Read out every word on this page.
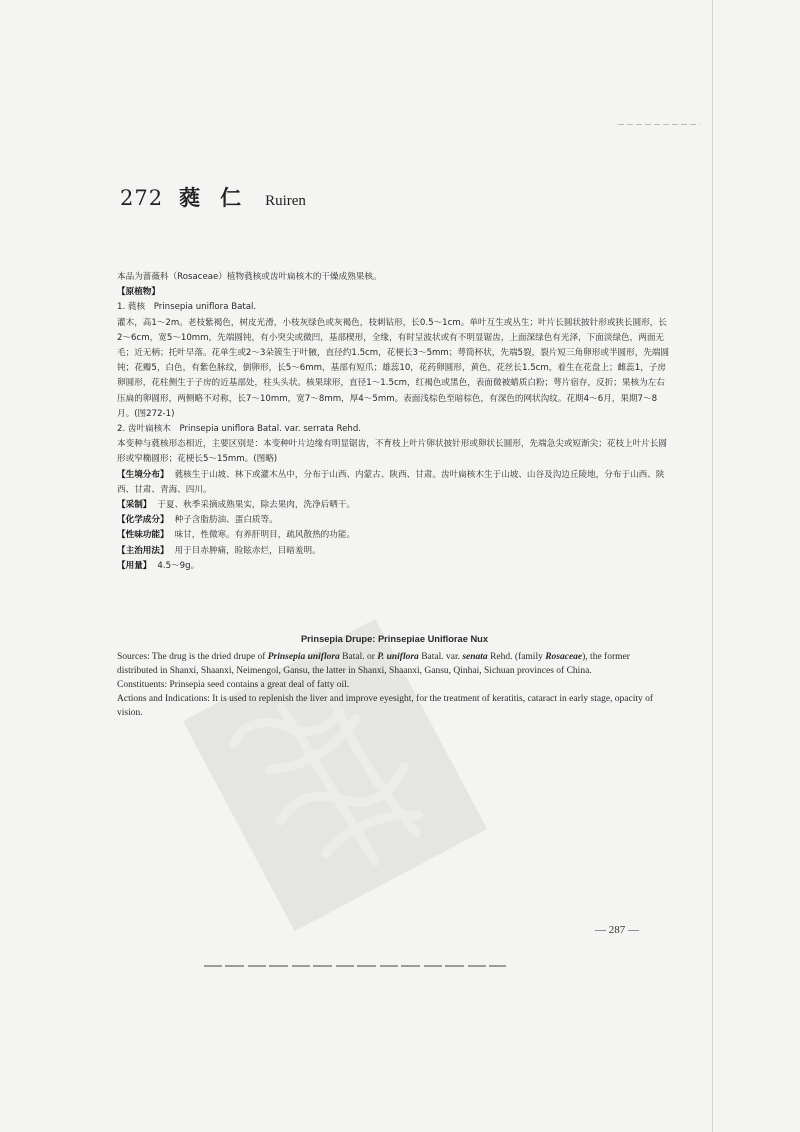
272 蕤仁 Ruiren

本品为蔷薇科（Rosaceae）植物蕤核或齿叶扁核木的干燥成熟果核。

【原植物】

1. 蕤核　Prinsepia uniflora Batal.

灌木，高1～2m。老枝紫褐色，树皮光滑，小枝灰绿色或灰褐色，枝刺钻形，长0.5～1cm。单叶互生或丛生；叶片长圆状披针形或狭长圆形，长2～6cm，宽5～10mm，先端圆钝，有小突尖或微凹，基部楔形，全缘，有时呈波状或有不明显锯齿，上面深绿色有光泽，下面淡绿色，两面无毛；近无柄；托叶早落。花单生或2～3朵簇生于叶腋，直径约1.5cm，花梗长3～5mm；萼筒杯状，先端5裂，裂片短三角卵形或半圆形，先端圆钝；花瓣5，白色，有紫色脉纹，倒卵形，长5～6mm，基部有短爪；雄蕊10，花药卵圆形，黄色，花丝长1.5cm，着生在花盘上；雌蕊1，子房卵圆形，花柱侧生于子房的近基部处，柱头头状。核果球形，直径1～1.5cm，红褐色或黑色，表面微被蜡质白粉；萼片宿存，反折；果核为左右压扁的卵圆形，两侧略不对称，长7～10mm，宽7～8mm，厚4～5mm。表面浅棕色至暗棕色，有深色的网状沟纹。花期4～6月，果期7～8月。(图272-1)

2. 齿叶扁核木　Prinsepia uniflora Batal. var. serrata Rehd.

本变种与蕤核形态相近，主要区别是：本变种叶片边缘有明显锯齿，不育枝上叶片卵状披针形或卵状长圆形，先端急尖或短渐尖；花枝上叶片长圆形或窄椭圆形；花梗长5～15mm。(图略)

【生境分布】 蕤核生于山坡、林下或灌木丛中，分布于山西、内蒙古、陕西、甘肃。齿叶扁核木生于山坡、山谷及沟边丘陵地，分布于山西、陕西、甘肃、青海、四川。

【采制】 于夏、秋季采摘成熟果实，除去果肉，洗净后晒干。

【化学成分】 种子含脂肪油、蛋白质等。

【性味功能】 味甘，性微寒。有养肝明目，疏风散热的功能。

【主治用法】 用于目赤肿痛，睑眩赤烂，目暗羞明。

【用量】 4.5～9g。

Prinsepia Drupe: Prinsepiae Uniflorae Nux

Sources: The drug is the dried drupe of Prinsepia uniflora Batal. or P. uniflora Batal. var. senata Rehd. (family Rosaceae), the former distributed in Shanxi, Shaanxi, Neimengol, Gansu, the latter in Shanxi, Shaanxi, Gansu, Qinhai, Sichuan provinces of China.

Constituents: Prinsepia seed contains a great deal of fatty oil.

Actions and Indications: It is used to replenish the liver and improve eyesight, for the treatment of keratitis, cataract in early stage, opacity of vision.

— 287 —
